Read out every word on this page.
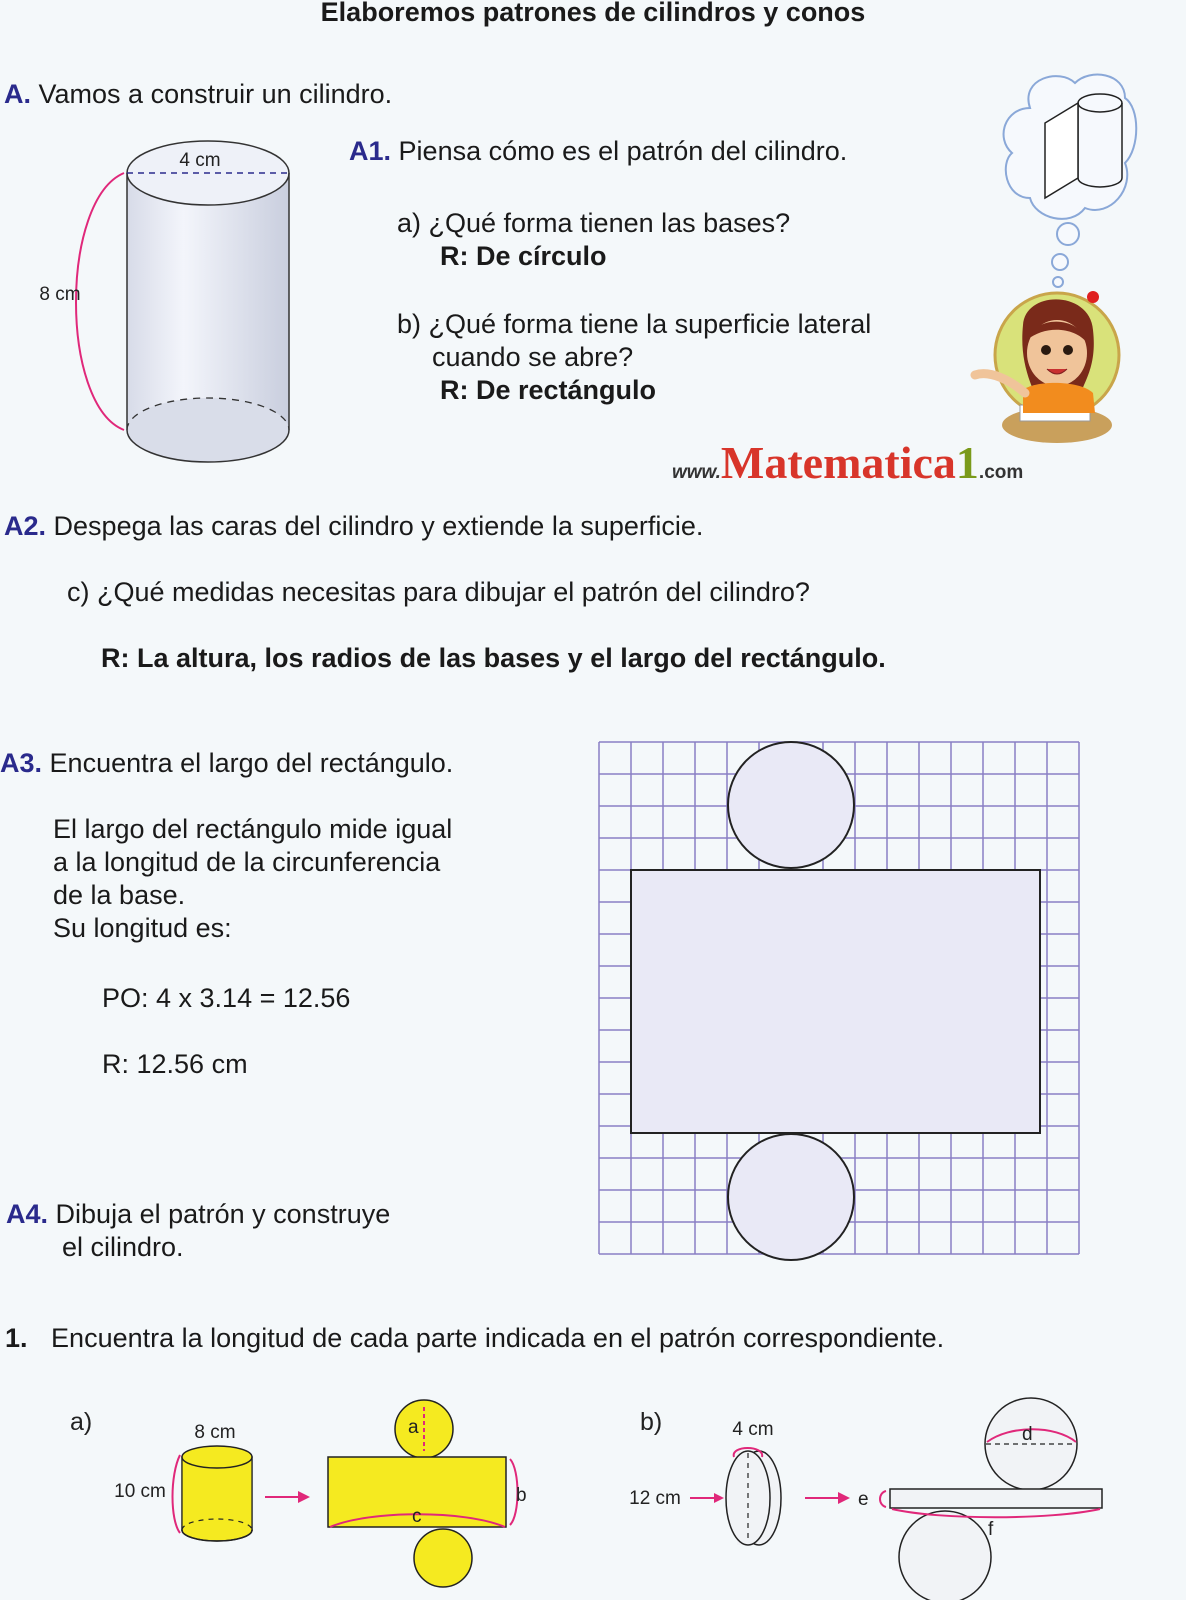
Elaboremos patrones de cilindros y conos
A. Vamos a construir un cilindro.
4 cm
8 cm
A1. Piensa cómo es el patrón del cilindro.
a) ¿Qué forma tienen las bases?
R: De círculo
b) ¿Qué forma tiene la superficie lateral
cuando se abre?
R: De rectángulo
www.Matematica1.com
A2. Despega las caras del cilindro y extiende la superficie.
c) ¿Qué medidas necesitas para dibujar el patrón del cilindro?
R: La altura, los radios de las bases y el largo del rectángulo.
A3. Encuentra el largo del rectángulo.
El largo del rectángulo mide igual
a la longitud de la circunferencia
de la base.
Su longitud es:
PO: 4 x 3.14 = 12.56
R: 12.56 cm
A4. Dibuja el patrón y construye
el cilindro.
1. Encuentra la longitud de cada parte indicada en el patrón correspondiente.
a)	8 cm
10 cm
a
c
b
b)	4 cm
12 cm
d
e
f
